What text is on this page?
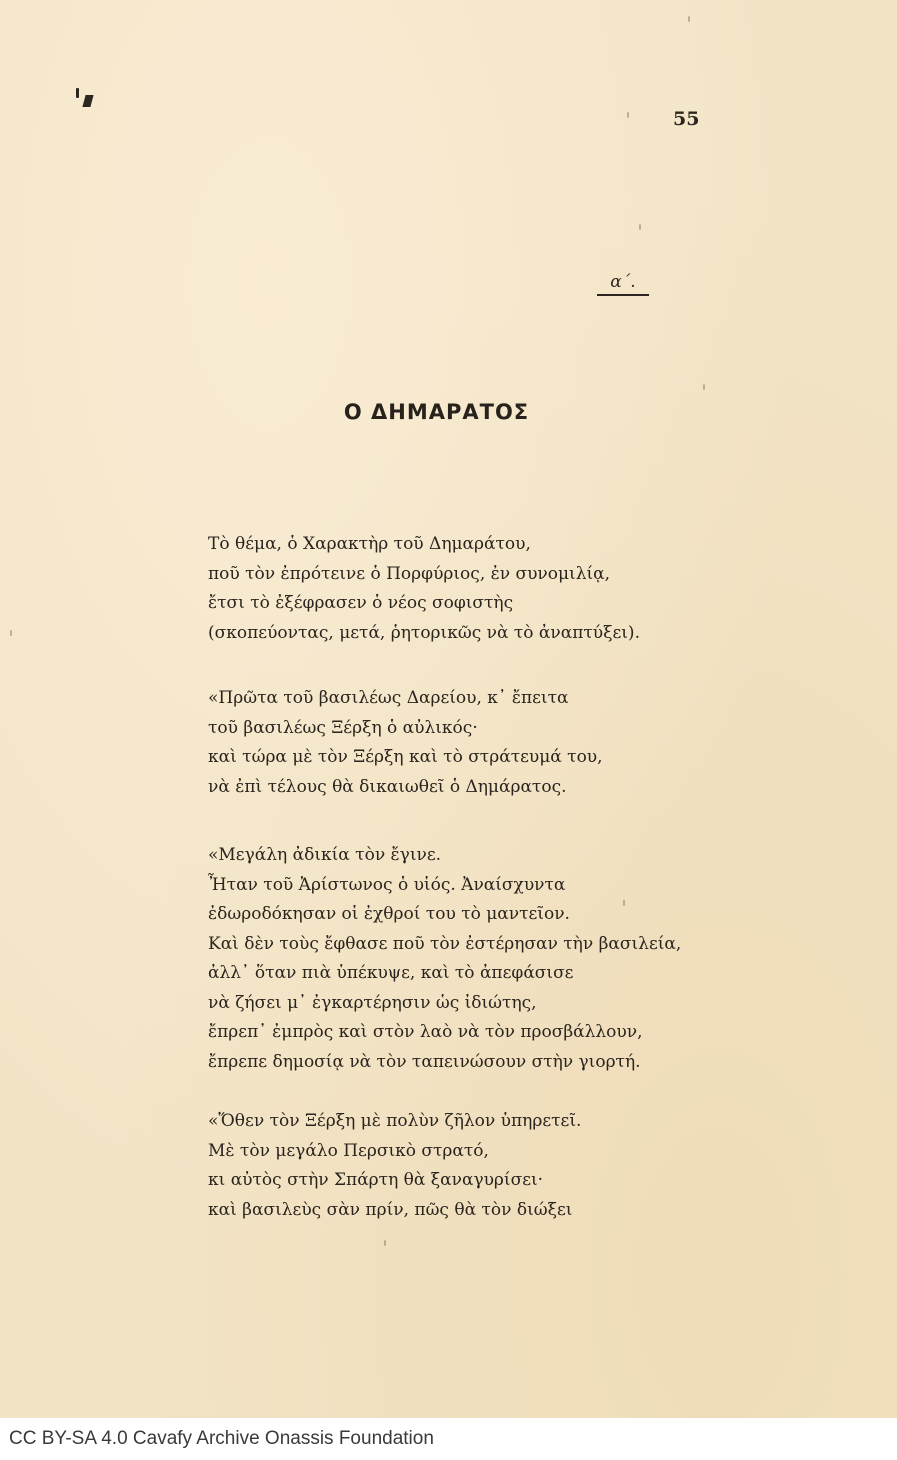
55
α΄.
Ο ΔΗΜΑΡΑΤΟΣ
Τὸ θέμα, ὁ Χαρακτὴρ τοῦ Δημαράτου,
ποῦ τὸν ἐπρότεινε ὁ Πορφύριος, ἐν συνομιλίᾳ,
ἔτσι τὸ ἐξέφρασεν ὁ νέος σοφιστὴς
(σκοπεύοντας, μετά, ῥητορικῶς νὰ τὸ ἀναπτύξει).
«Πρῶτα τοῦ βασιλέως Δαρείου, κ᾽ ἔπειτα
τοῦ βασιλέως Ξέρξη ὁ αὐλικός·
καὶ τώρα μὲ τὸν Ξέρξη καὶ τὸ στράτευμά του,
νὰ ἐπὶ τέλους θὰ δικαιωθεῖ ὁ Δημάρατος.
«Μεγάλη ἀδικία τὸν ἔγινε.
Ἦταν τοῦ Ἀρίστωνος ὁ υἱός. Ἀναίσχυντα
ἐδωροδόκησαν οἱ ἐχθροί του τὸ μαντεῖον.
Καὶ δὲν τοὺς ἔφθασε ποῦ τὸν ἐστέρησαν τὴν βασιλεία,
ἀλλ᾽ ὅταν πιὰ ὑπέκυψε, καὶ τὸ ἀπεφάσισε
νὰ ζήσει μ᾽ ἐγκαρτέρησιν ὡς ἰδιώτης,
ἔπρεπ᾽ ἐμπρὸς καὶ στὸν λαὸ νὰ τὸν προσβάλλουν,
ἔπρεπε δημοσίᾳ νὰ τὸν ταπεινώσουν στὴν γιορτή.
«Ὅθεν τὸν Ξέρξη μὲ πολὺν ζῆλον ὑπηρετεῖ.
Μὲ τὸν μεγάλο Περσικὸ στρατό,
κι αὐτὸς στὴν Σπάρτη θὰ ξαναγυρίσει·
καὶ βασιλεὺς σὰν πρίν, πῶς θὰ τὸν διώξει
CC BY-SA 4.0 Cavafy Archive Onassis Foundation
